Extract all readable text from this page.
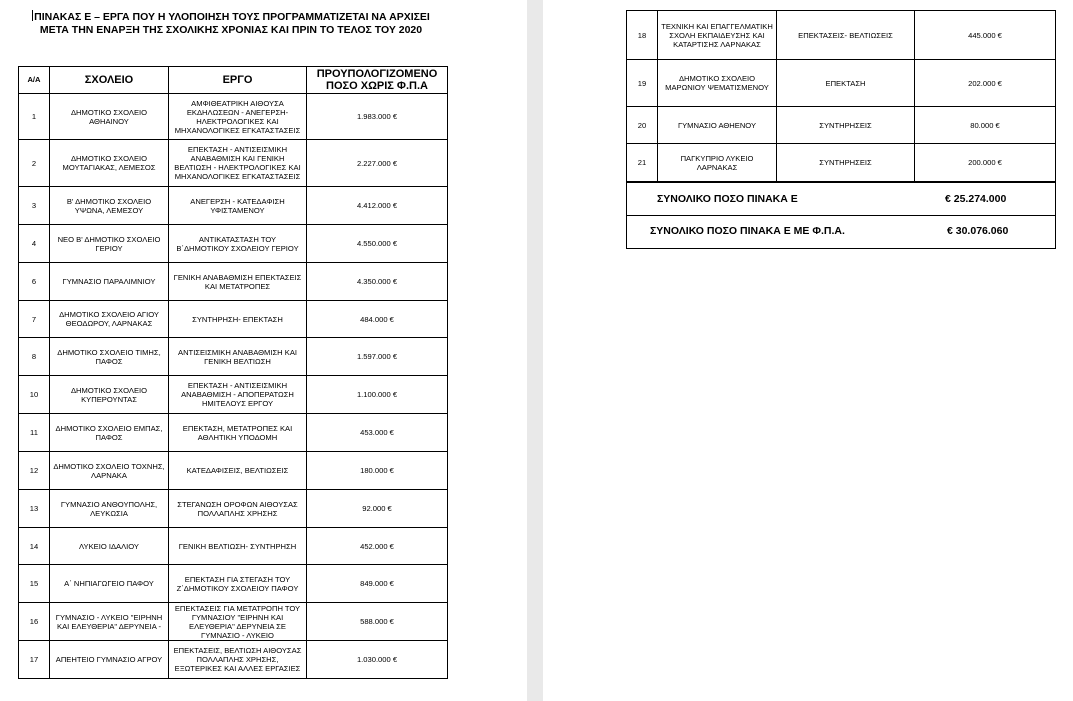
ΠΙΝΑΚΑΣ Ε – ΕΡΓΑ ΠΟΥ Η ΥΛΟΠΟΙΗΣΗ ΤΟΥΣ ΠΡΟΓΡΑΜΜΑΤΙΖΕΤΑΙ ΝΑ ΑΡΧΙΣΕΙ ΜΕΤΑ ΤΗΝ ΕΝΑΡΞΗ ΤΗΣ ΣΧΟΛΙΚΗΣ ΧΡΟΝΙΑΣ ΚΑΙ ΠΡΙΝ ΤΟ ΤΕΛΟΣ ΤΟΥ 2020
Α/Α	ΣΧΟΛΕΙΟ	ΕΡΓΟ	ΠΡΟΥΠΟΛΟΓΙΖΟΜΕΝΟ ΠΟΣΟ ΧΩΡΙΣ Φ.Π.Α
1	ΔΗΜΟΤΙΚΟ ΣΧΟΛΕΙΟ ΑΘΗΑΙΝΟΥ	ΑΜΦΙΘΕΑΤΡΙΚΗ ΑΙΘΟΥΣΑ ΕΚΔΗΛΩΣΕΩΝ - ΑΝΕΓΕΡΣΗ- ΗΛΕΚΤΡΟΛΟΓΙΚΕΣ ΚΑΙ ΜΗΧΑΝΟΛΟΓΙΚΕΣ ΕΓΚΑΤΑΣΤΑΣΕΙΣ	1.983.000 €
2	ΔΗΜΟΤΙΚΟ ΣΧΟΛΕΙΟ ΜΟΥΤΑΓΙΑΚΑΣ, ΛΕΜΕΣΟΣ	ΕΠΕΚΤΑΣΗ - ΑΝΤΙΣΕΙΣΜΙΚΗ ΑΝΑΒΑΘΜΙΣΗ ΚΑΙ ΓΕΝΙΚΗ ΒΕΛΤΙΩΣΗ - ΗΛΕΚΤΡΟΛΟΓΙΚΕΣ ΚΑΙ ΜΗΧΑΝΟΛΟΓΙΚΕΣ ΕΓΚΑΤΑΣΤΑΣΕΙΣ	2.227.000 €
3	Β' ΔΗΜΟΤΙΚΟ ΣΧΟΛΕΙΟ ΥΨΩΝΑ, ΛΕΜΕΣΟΥ	ΑΝΕΓΕΡΣΗ - ΚΑΤΕΔΑΦΙΣΗ ΥΦΙΣΤΑΜΕΝΟΥ	4.412.000 €
4	ΝΕΟ Β' ΔΗΜΟΤΙΚΟ ΣΧΟΛΕΙΟ ΓΕΡΙΟΥ	ΑΝΤΙΚΑΤΑΣΤΑΣΗ ΤΟΥ Β΄ΔΗΜΟΤΙΚΟΥ ΣΧΟΛΕΙΟΥ ΓΕΡΙΟΥ	4.550.000 €
6	ΓΥΜΝΑΣΙΟ ΠΑΡΑΛΙΜΝΙΟΥ	ΓΕΝΙΚΗ ΑΝΑΒΑΘΜΙΣΗ ΕΠΕΚΤΑΣΕΙΣ ΚΑΙ ΜΕΤΑΤΡΟΠΕΣ	4.350.000 €
7	ΔΗΜΟΤΙΚΟ ΣΧΟΛΕΙΟ ΑΓΙΟΥ ΘΕΟΔΩΡΟΥ, ΛΑΡΝΑΚΑΣ	ΣΥΝΤΗΡΗΣΗ- ΕΠΕΚΤΑΣΗ	484.000 €
8	ΔΗΜΟΤΙΚΟ ΣΧΟΛΕΙΟ ΤΙΜΗΣ, ΠΑΦΟΣ	ΑΝΤΙΣΕΙΣΜΙΚΗ ΑΝΑΒΑΘΜΙΣΗ ΚΑΙ ΓΕΝΙΚΗ ΒΕΛΤΙΩΣΗ	1.597.000 €
10	ΔΗΜΟΤΙΚΟ ΣΧΟΛΕΙΟ ΚΥΠΕΡΟΥΝΤΑΣ	ΕΠΕΚΤΑΣΗ - ΑΝΤΙΣΕΙΣΜΙΚΗ ΑΝΑΒΑΘΜΙΣΗ - ΑΠΟΠΕΡΑΤΩΣΗ ΗΜΙΤΕΛΟΥΣ ΕΡΓΟΥ	1.100.000 €
11	ΔΗΜΟΤΙΚΟ ΣΧΟΛΕΙΟ ΕΜΠΑΣ, ΠΑΦΟΣ	ΕΠΕΚΤΑΣΗ, ΜΕΤΑΤΡΟΠΕΣ ΚΑΙ ΑΘΛΗΤΙΚΗ ΥΠΟΔΟΜΗ	453.000 €
12	ΔΗΜΟΤΙΚΟ ΣΧΟΛΕΙΟ ΤΟΧΝΗΣ, ΛΑΡΝΑΚΑ	ΚΑΤΕΔΑΦΙΣΕΙΣ, ΒΕΛΤΙΩΣΕΙΣ	180.000 €
13	ΓΥΜΝΑΣΙΟ ΑΝΘΟΥΠΟΛΗΣ, ΛΕΥΚΩΣΙΑ	ΣΤΕΓΑΝΩΣΗ ΟΡΟΦΩΝ ΑΙΘΟΥΣΑΣ ΠΟΛΛΑΠΛΗΣ ΧΡΗΣΗΣ	92.000 €
14	ΛΥΚΕΙΟ ΙΔΑΛΙΟΥ	ΓΕΝΙΚΗ ΒΕΛΤΙΩΣΗ- ΣΥΝΤΗΡΗΣΗ	452.000 €
15	Α΄ ΝΗΠΙΑΓΩΓΕΙΟ ΠΑΦΟΥ	ΕΠΕΚΤΑΣΗ ΓΙΑ ΣΤΕΓΑΣΗ ΤΟΥ Ζ΄ΔΗΜΟΤΙΚΟΥ ΣΧΟΛΕΙΟΥ ΠΑΦΟΥ	849.000 €
16	ΓΥΜΝΑΣΙΟ - ΛΥΚΕΙΟ "ΕΙΡΗΝΗ ΚΑΙ ΕΛΕΥΘΕΡΙΑ" ΔΕΡΥΝΕΙΑ -	ΕΠΕΚΤΑΣΕΙΣ ΓΙΑ ΜΕΤΑΤΡΟΠΗ ΤΟΥ ΓΥΜΝΑΣΙΟΥ "ΕΙΡΗΝΗ ΚΑΙ ΕΛΕΥΘΕΡΙΑ" ΔΕΡΥΝΕΙΑ ΣΕ ΓΥΜΝΑΣΙΟ - ΛΥΚΕΙΟ	588.000 €
17	ΑΠΕΗΤΕΙΟ ΓΥΜΝΑΣΙΟ ΑΓΡΟΥ	ΕΠΕΚΤΑΣΕΙΣ, ΒΕΛΤΙΩΣΗ ΑΙΘΟΥΣΑΣ ΠΟΛΛΑΠΛΗΣ ΧΡΗΣΗΣ, ΕΞΩΤΕΡΙΚΕΣ ΚΑΙ ΑΛΛΕΣ ΕΡΓΑΣΙΕΣ	1.030.000 €
18	ΤΕΧΝΙΚΗ ΚΑΙ ΕΠΑΓΓΕΛΜΑΤΙΚΗ ΣΧΟΛΗ ΕΚΠΑΙΔΕΥΣΗΣ ΚΑΙ ΚΑΤΑΡΤΙΣΗΣ ΛΑΡΝΑΚΑΣ	ΕΠΕΚΤΑΣΕΙΣ- ΒΕΛΤΙΩΣΕΙΣ	445.000 €
19	ΔΗΜΟΤΙΚΟ ΣΧΟΛΕΙΟ ΜΑΡΩΝΙΟΥ ΨΕΜΑΤΙΣΜΕΝΟΥ	ΕΠΕΚΤΑΣΗ	202.000 €
20	ΓΥΜΝΑΣΙΟ ΑΘΗΕΝΟΥ	ΣΥΝΤΗΡΗΣΕΙΣ	80.000 €
21	ΠΑΓΚΥΠΡΙΟ ΛΥΚΕΙΟ ΛΑΡΝΑΚΑΣ	ΣΥΝΤΗΡΗΣΕΙΣ	200.000 €
ΣΥΝΟΛΙΚΟ ΠΟΣΟ ΠΙΝΑΚΑ Ε	€ 25.274.000
ΣΥΝΟΛΙΚΟ ΠΟΣΟ ΠΙΝΑΚΑ Ε ΜΕ Φ.Π.Α.	€ 30.076.060
